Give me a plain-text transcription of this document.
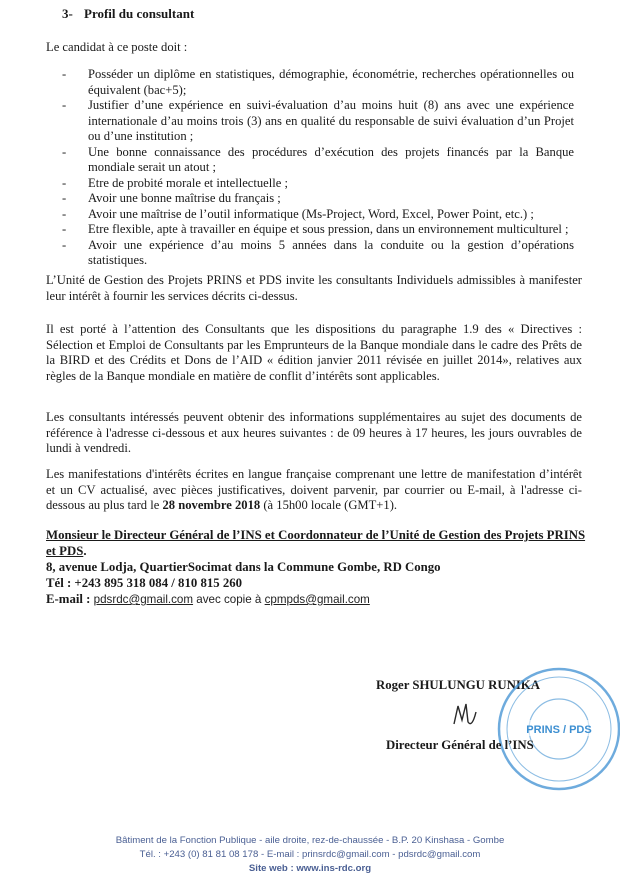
3- Profil du consultant
Le candidat à ce poste doit :
- Posséder un diplôme en statistiques, démographie, économétrie, recherches opérationnelles ou équivalent (bac+5);
- Justifier d’une expérience en suivi-évaluation d’au moins huit (8) ans avec une expérience internationale d’au moins trois (3) ans en qualité du responsable de suivi évaluation d’un Projet ou d’une institution ;
- Une bonne connaissance des procédures d’exécution des projets financés par la Banque mondiale serait un atout ;
- Etre de probité morale et intellectuelle ;
- Avoir une bonne maîtrise du français ;
- Avoir une maîtrise de l’outil informatique (Ms-Project, Word, Excel, Power Point, etc.) ;
- Etre flexible, apte à travailler en équipe et sous pression, dans un environnement multiculturel ;
- Avoir une expérience d’au moins 5 années dans la conduite ou la gestion d’opérations statistiques.
L’Unité de Gestion des Projets PRINS et PDS invite les consultants Individuels admissibles à manifester leur intérêt à fournir les services décrits ci-dessus.
Il est porté à l’attention des Consultants que les dispositions du paragraphe 1.9 des « Directives : Sélection et Emploi de Consultants par les Emprunteurs de la Banque mondiale dans le cadre des Prêts de la BIRD et des Crédits et Dons de l’AID « édition janvier 2011 révisée en juillet 2014», relatives aux règles de la Banque mondiale en matière de conflit d’intérêts sont applicables.
Les consultants intéressés peuvent obtenir des informations supplémentaires au sujet des documents de référence à l'adresse ci-dessous et aux heures suivantes : de 09 heures à 17 heures, les jours ouvrables de lundi à vendredi.
Les manifestations d'intérêts écrites en langue française comprenant une lettre de manifestation d’intérêt et un CV actualisé, avec pièces justificatives, doivent parvenir, par courrier ou E-mail, à l'adresse ci-dessous au plus tard le 28 novembre 2018 (à 15h00 locale (GMT+1).
Monsieur le Directeur Général de l’INS et Coordonnateur de l’Unité de Gestion des Projets PRINS et PDS.
8, avenue Lodja, QuartierSocimat dans la Commune Gombe, RD Congo
Tél : +243 895 318 084 / 810 815 260
E-mail : pdsrdc@gmail.com avec copie à cpmpds@gmail.com
Roger SHULUNGU RUNIKA
PRINS / PDS
Directeur Général de l’INS
Bâtiment de la Fonction Publique - aile droite, rez-de-chaussée - B.P. 20 Kinshasa - Gombe
Tél. : +243 (0) 81 81 08 178 - E-mail : prinsrdc@gmail.com - pdsrdc@gmail.com
Site web : www.ins-rdc.org
